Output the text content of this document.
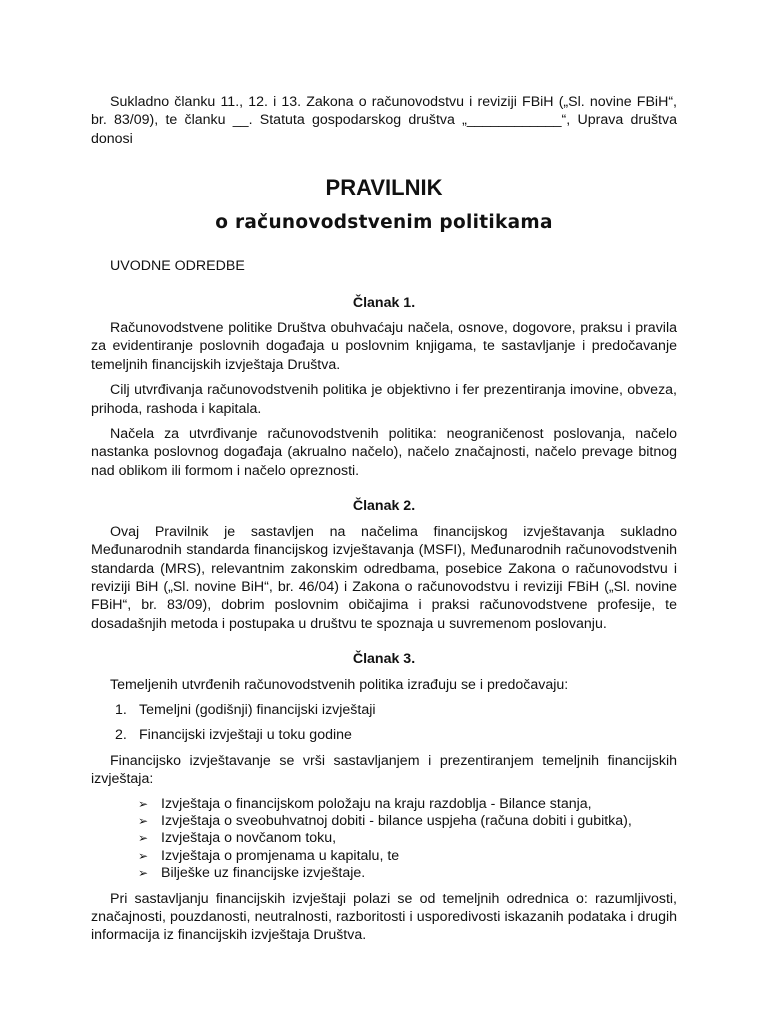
Sukladno članku 11., 12. i 13. Zakona o računovodstvu i reviziji FBiH („Sl. novine FBiH“, br. 83/09), te članku __. Statuta gospodarskog društva „____________“, Uprava društva donosi

PRAVILNIK

o računovodstvenim politikama

UVODNE ODREDBE

Članak 1.

Računovodstvene politike Društva obuhvaćaju načela, osnove, dogovore, praksu i pravila za evidentiranje poslovnih događaja u poslovnim knjigama, te sastavljanje i predočavanje temeljnih financijskih izvještaja Društva.

Cilj utvrđivanja računovodstvenih politika je objektivno i fer prezentiranja imovine, obveza, prihoda, rashoda i kapitala.

Načela za utvrđivanje računovodstvenih politika: neograničenost poslovanja, načelo nastanka poslovnog događaja (akrualno načelo), načelo značajnosti, načelo prevage bitnog nad oblikom ili formom i načelo opreznosti.

Članak 2.

Ovaj Pravilnik je sastavljen na načelima financijskog izvještavanja sukladno Međunarodnih standarda financijskog izvještavanja (MSFI), Međunarodnih računovodstvenih standarda (MRS), relevantnim zakonskim odredbama, posebice Zakona o računovodstvu i reviziji BiH („Sl. novine BiH“, br. 46/04) i Zakona o računovodstvu i reviziji FBiH („Sl. novine FBiH“, br. 83/09), dobrim poslovnim običajima i praksi računovodstvene profesije, te dosadašnjih metoda i postupaka u društvu te spoznaja u suvremenom poslovanju.

Članak 3.

Temeljenih utvrđenih računovodstvenih politika izrađuju se i predočavaju:

1. Temeljni (godišnji) financijski izvještaji
2. Financijski izvještaji u toku godine

Financijsko izvještavanje se vrši sastavljanjem i prezentiranjem temeljnih financijskih izvještaja:

➢ Izvještaja o financijskom položaju na kraju razdoblja - Bilance stanja,
➢ Izvještaja o sveobuhvatnoj dobiti - bilance uspjeha (računa dobiti i gubitka),
➢ Izvještaja o novčanom toku,
➢ Izvještaja o promjenama u kapitalu, te
➢ Bilješke uz financijske izvještaje.

Pri sastavljanju financijskih izvještaji polazi se od temeljnih odrednica o: razumljivosti, značajnosti, pouzdanosti, neutralnosti, razboritosti i usporedivosti iskazanih podataka i drugih informacija iz financijskih izvještaja Društva.
